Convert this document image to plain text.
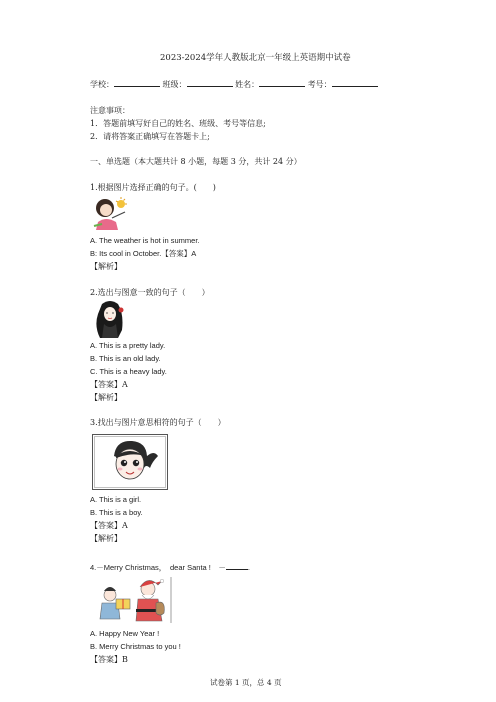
2023-2024学年人教版北京一年级上英语期中试卷
学校：	班级：	姓名：	考号：
注意事项：
1．答题前填写好自己的姓名、班级、考号等信息;
2．请将答案正确填写在答题卡上;
一、单选题（本大题共计 8 小题，每题 3 分，共计 24 分）
1.根据图片选择正确的句子。(　　)
A. The weather is hot in summer.
B: Its cool in October.【答案】A
【解析】
2.选出与图意一致的句子（　　）
A. This is a pretty lady.
B. This is an old lady.
C. This is a heavy lady.
【答案】A
【解析】
3.找出与图片意思相符的句子（　　）
A. This is a girl.
B. This is a boy.
【答案】A
【解析】
4.－Merry Christmas，　dear Santa !　－	.
A. Happy New Year !
B. Merry Christmas to you !
【答案】B
试卷第 1 页，总 4 页
